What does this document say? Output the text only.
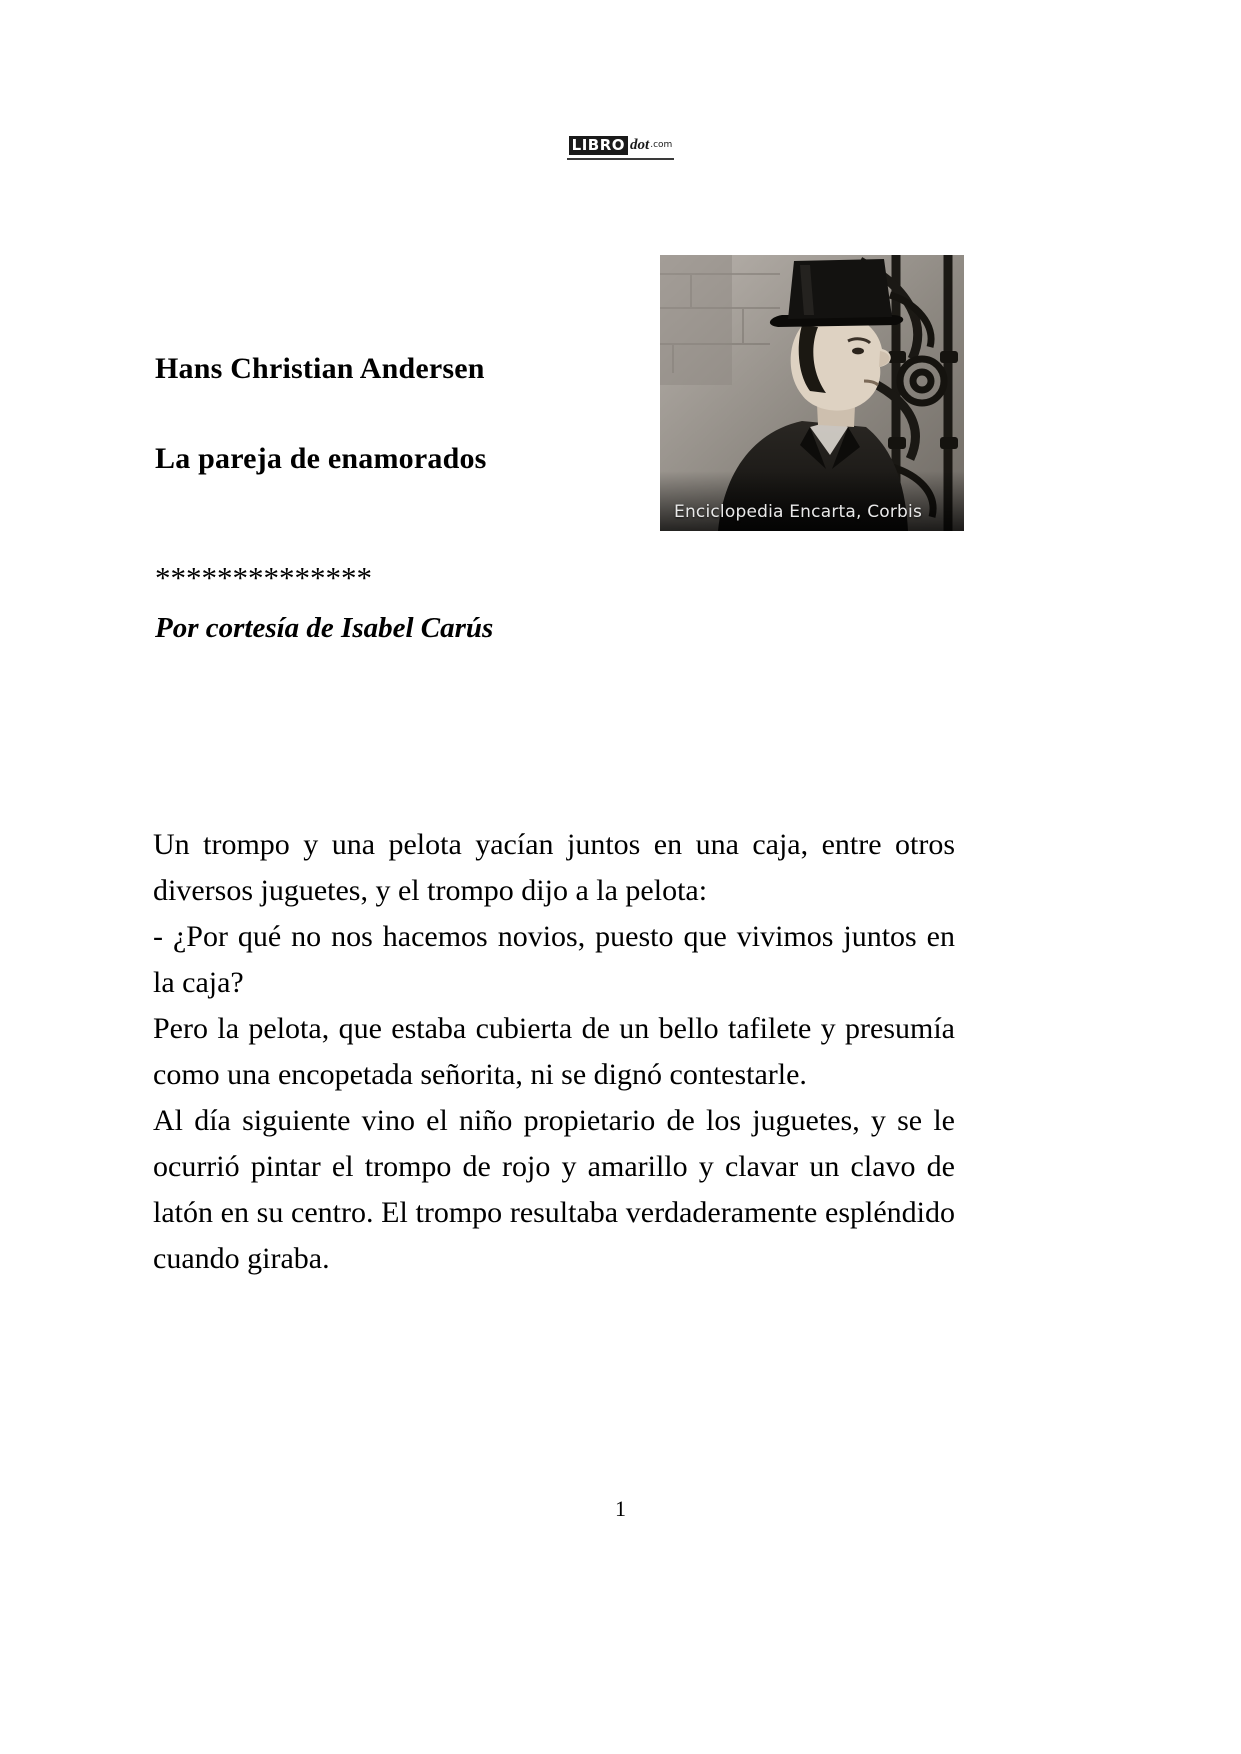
LIBRO dot.com
Enciclopedia Encarta, Corbis
Hans Christian Andersen
La pareja de enamorados
**************
Por cortesía de Isabel Carús

Un trompo y una pelota yacían juntos en una caja, entre otros diversos juguetes, y el trompo dijo a la pelota:

- ¿Por qué no nos hacemos novios, puesto que vivimos juntos en la caja?

Pero la pelota, que estaba cubierta de un bello tafilete y presumía como una encopetada señorita, ni se dignó contestarle.

Al día siguiente vino el niño propietario de los juguetes, y se le ocurrió pintar el trompo de rojo y amarillo y clavar un clavo de latón en su centro. El trompo resultaba verdaderamente espléndido cuando giraba.

1
